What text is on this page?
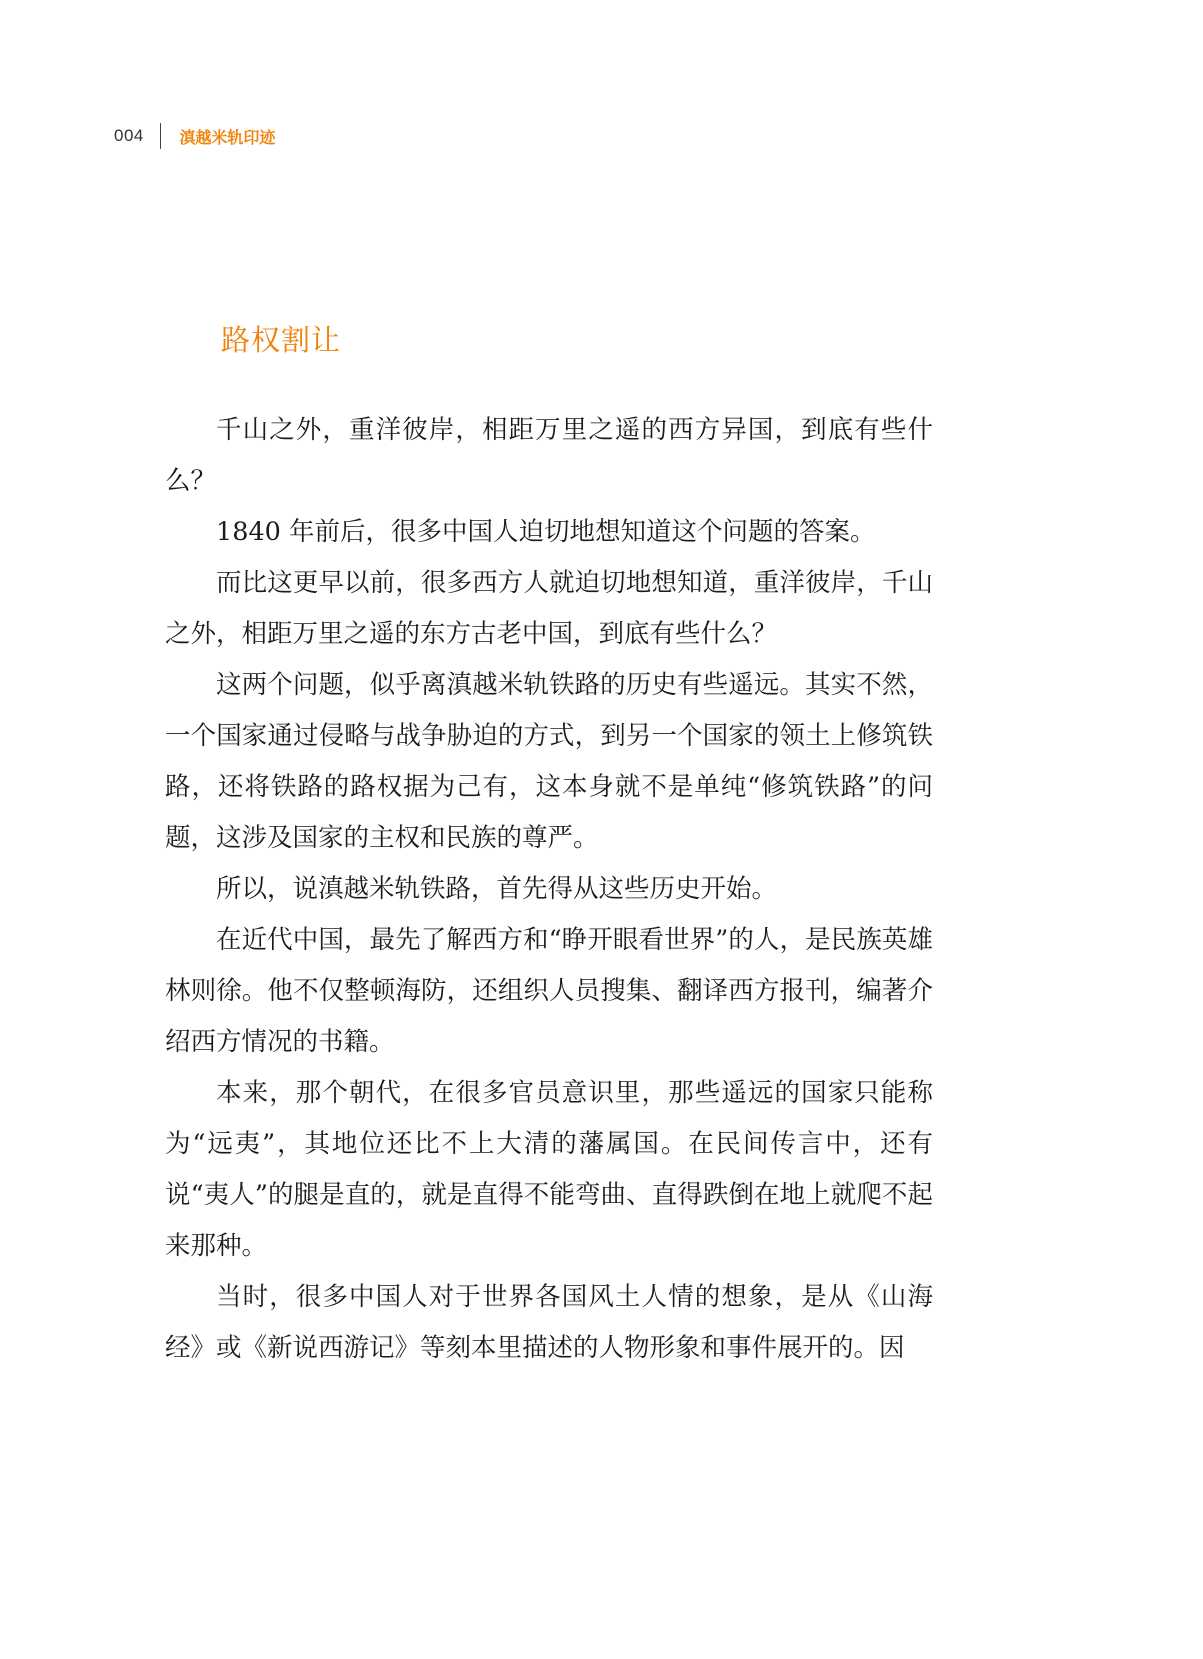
004 滇越米轨印迹
路权割让

千山之外，重洋彼岸，相距万里之遥的西方异国，到底有些什么？

1840 年前后，很多中国人迫切地想知道这个问题的答案。

而比这更早以前，很多西方人就迫切地想知道，重洋彼岸，千山之外，相距万里之遥的东方古老中国，到底有些什么？

这两个问题，似乎离滇越米轨铁路的历史有些遥远。其实不然，一个国家通过侵略与战争胁迫的方式，到另一个国家的领土上修筑铁路，还将铁路的路权据为己有，这本身就不是单纯“修筑铁路”的问题，这涉及国家的主权和民族的尊严。

所以，说滇越米轨铁路，首先得从这些历史开始。

在近代中国，最先了解西方和“睁开眼看世界”的人，是民族英雄林则徐。他不仅整顿海防，还组织人员搜集、翻译西方报刊，编著介绍西方情况的书籍。

本来，那个朝代，在很多官员意识里，那些遥远的国家只能称为“远夷”，其地位还比不上大清的藩属国。在民间传言中，还有说“夷人”的腿是直的，就是直得不能弯曲、直得跌倒在地上就爬不起来那种。

当时，很多中国人对于世界各国风土人情的想象，是从《山海经》或《新说西游记》等刻本里描述的人物形象和事件展开的。因
